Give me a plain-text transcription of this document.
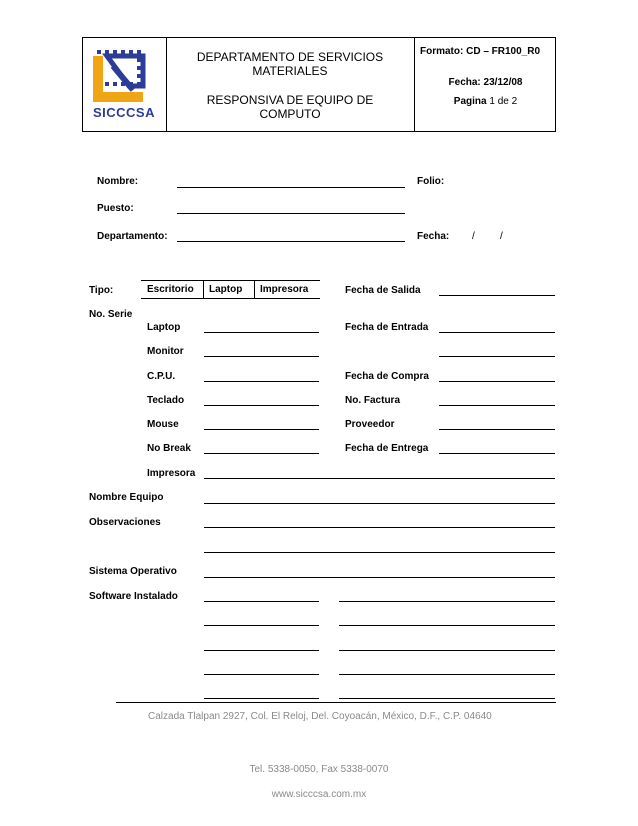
SICCCSA
DEPARTAMENTO DE SERVICIOS
MATERIALES
RESPONSIVA DE EQUIPO DE
COMPUTO
Formato: CD – FR100_R0
Fecha: 23/12/08
Pagina 1 de 2
Nombre:	Folio:
Puesto:
Departamento:	Fecha: /	/
Tipo:	Escritorio Laptop Impresora	Fecha de Salida
No. Serie
Laptop	Fecha de Entrada
Monitor
C.P.U.	Fecha de Compra
Teclado	No. Factura
Mouse	Proveedor
No Break	Fecha de Entrega
Impresora
Nombre Equipo
Observaciones
Sistema Operativo
Software Instalado
Calzada Tlalpan 2927, Col. El Reloj, Del. Coyoacán, México, D.F., C.P. 04640
Tel. 5338-0050, Fax 5338-0070
www.sicccsa.com.mx
